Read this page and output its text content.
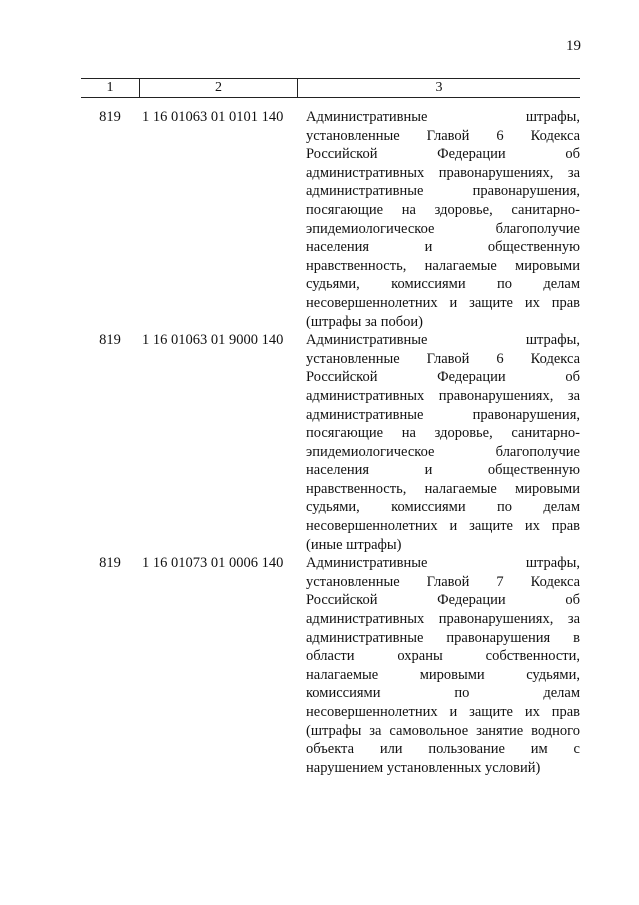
19
1	2	3
819	1 16 01063 01 0101 140	Административные штрафы,
установленные Главой 6 Кодекса
Российской Федерации об
административных правонарушениях, за
административные правонарушения,
посягающие на здоровье, санитарно-
эпидемиологическое благополучие
населения и общественную
нравственность, налагаемые мировыми
судьями, комиссиями по делам
несовершеннолетних и защите их прав
(штрафы за побои)
819	1 16 01063 01 9000 140	Административные штрафы,
установленные Главой 6 Кодекса
Российской Федерации об
административных правонарушениях, за
административные правонарушения,
посягающие на здоровье, санитарно-
эпидемиологическое благополучие
населения и общественную
нравственность, налагаемые мировыми
судьями, комиссиями по делам
несовершеннолетних и защите их прав
(иные штрафы)
819	1 16 01073 01 0006 140	Административные штрафы,
установленные Главой 7 Кодекса
Российской Федерации об
административных правонарушениях, за
административные правонарушения в
области охраны собственности,
налагаемые мировыми судьями,
комиссиями по делам
несовершеннолетних и защите их прав
(штрафы за самовольное занятие водного
объекта или пользование им с
нарушением установленных условий)
